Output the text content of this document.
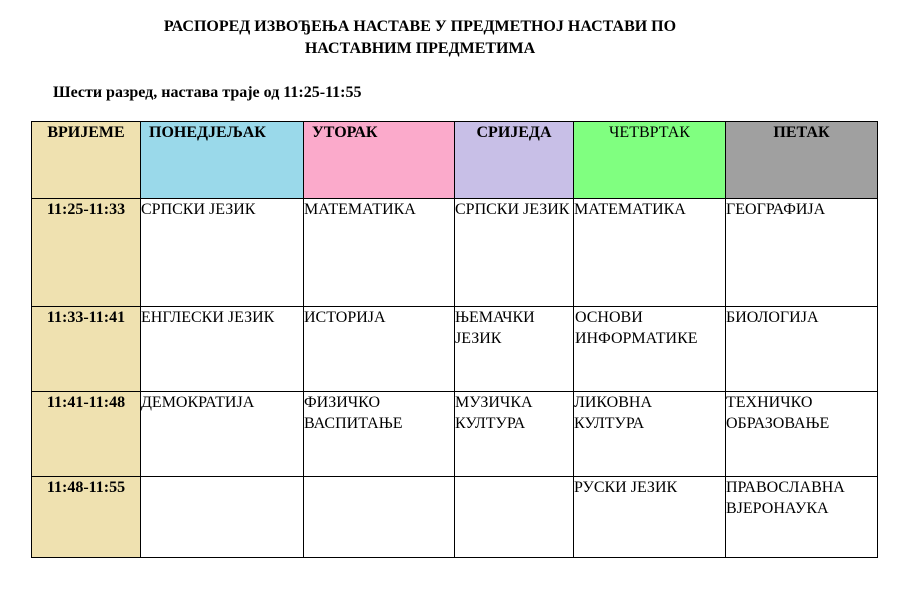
РАСПОРЕД ИЗВОЂЕЊА НАСТАВЕ У ПРЕДМЕТНОЈ НАСТАВИ ПО
НАСТАВНИМ ПРЕДМЕТИМА
Шести разред, настава траје од 11:25-11:55
ВРИЈЕМЕ	ПОНЕДЈЕЉАК	УТОРАК	СРИЈЕДА	ЧЕТВРТАК	ПЕТАК

11:25-11:33	СРПСКИ ЈЕЗИК	МАТЕМАТИКА	СРПСКИ ЈЕЗИК	МАТЕМАТИКА	ГЕОГРАФИЈА
11:33-11:41	ЕНГЛЕСКИ ЈЕЗИК	ИСТОРИЈА	ЊЕМАЧКИ ЈЕЗИК	ОСНОВИ ИНФОРМАТИКЕ	БИОЛОГИЈА
11:41-11:48	ДЕМОКРАТИЈА	ФИЗИЧКО ВАСПИТАЊЕ	МУЗИЧКА КУЛТУРА	ЛИКОВНА КУЛТУРА	ТЕХНИЧКО ОБРАЗОВАЊЕ
11:48-11:55				РУСКИ ЈЕЗИК	ПРАВОСЛАВНА ВЈЕРОНАУКА
